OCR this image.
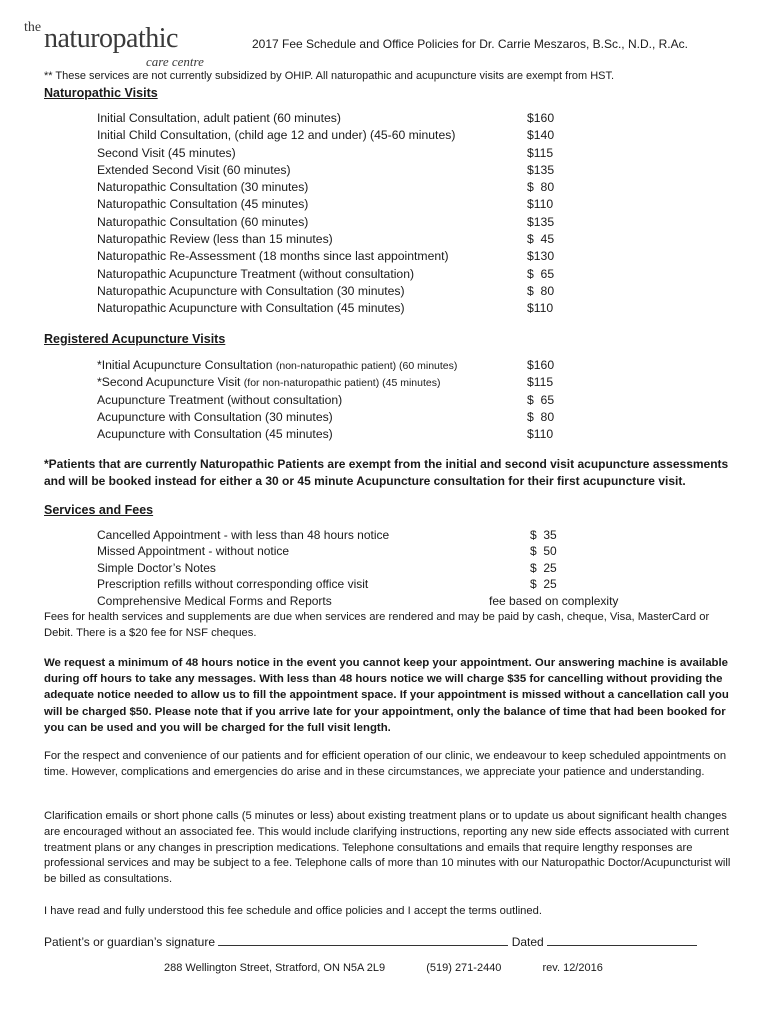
the naturopathic
care centre
2017 Fee Schedule and Office Policies for Dr. Carrie Meszaros, B.Sc., N.D., R.Ac.
** These services are not currently subsidized by OHIP. All naturopathic and acupuncture visits are exempt from HST.
Naturopathic Visits
Initial Consultation, adult patient (60 minutes)	$160
Initial Child Consultation, (child age 12 and under) (45-60 minutes)	$140
Second Visit (45 minutes)	$115
Extended Second Visit (60 minutes)	$135
Naturopathic Consultation (30 minutes)	$  80
Naturopathic Consultation (45 minutes)	$110
Naturopathic Consultation (60 minutes)	$135
Naturopathic Review (less than 15 minutes)	$  45
Naturopathic Re-Assessment (18 months since last appointment)	$130
Naturopathic Acupuncture Treatment (without consultation)	$  65
Naturopathic Acupuncture with Consultation (30 minutes)	$  80
Naturopathic Acupuncture with Consultation (45 minutes)	$110
Registered Acupuncture Visits
*Initial Acupuncture Consultation (non-naturopathic patient) (60 minutes)	$160
*Second Acupuncture Visit (for non-naturopathic patient) (45 minutes)	$115
Acupuncture Treatment (without consultation)	$  65
Acupuncture with Consultation (30 minutes)	$  80
Acupuncture with Consultation (45 minutes)	$110
*Patients that are currently Naturopathic Patients are exempt from the initial and second visit acupuncture assessments and will be booked instead for either a 30 or 45 minute Acupuncture consultation for their first acupuncture visit.
Services and Fees
Cancelled Appointment - with less than 48 hours notice	$  35
Missed Appointment - without notice	$  50
Simple Doctor’s Notes	$  25
Prescription refills without corresponding office visit	$  25
Comprehensive Medical Forms and Reports	fee based on complexity
Fees for health services and supplements are due when services are rendered and may be paid by cash, cheque, Visa, MasterCard or Debit. There is a $20 fee for NSF cheques.
We request a minimum of 48 hours notice in the event you cannot keep your appointment. Our answering machine is available during off hours to take any messages. With less than 48 hours notice we will charge $35 for cancelling without providing the adequate notice needed to allow us to fill the appointment space. If your appointment is missed without a cancellation call you will be charged $50. Please note that if you arrive late for your appointment, only the balance of time that had been booked for you can be used and you will be charged for the full visit length.
For the respect and convenience of our patients and for efficient operation of our clinic, we endeavour to keep scheduled appointments on time. However, complications and emergencies do arise and in these circumstances, we appreciate your patience and understanding.
Clarification emails or short phone calls (5 minutes or less) about existing treatment plans or to update us about significant health changes are encouraged without an associated fee. This would include clarifying instructions, reporting any new side effects associated with current treatment plans or any changes in prescription medications. Telephone consultations and emails that require lengthy responses are professional services and may be subject to a fee. Telephone calls of more than 10 minutes with our Naturopathic Doctor/Acupuncturist will be billed as consultations.
I have read and fully understood this fee schedule and office policies and I accept the terms outlined.
Patient’s or guardian’s signature	Dated
288 Wellington Street, Stratford, ON N5A 2L9	(519) 271-2440	rev. 12/2016
